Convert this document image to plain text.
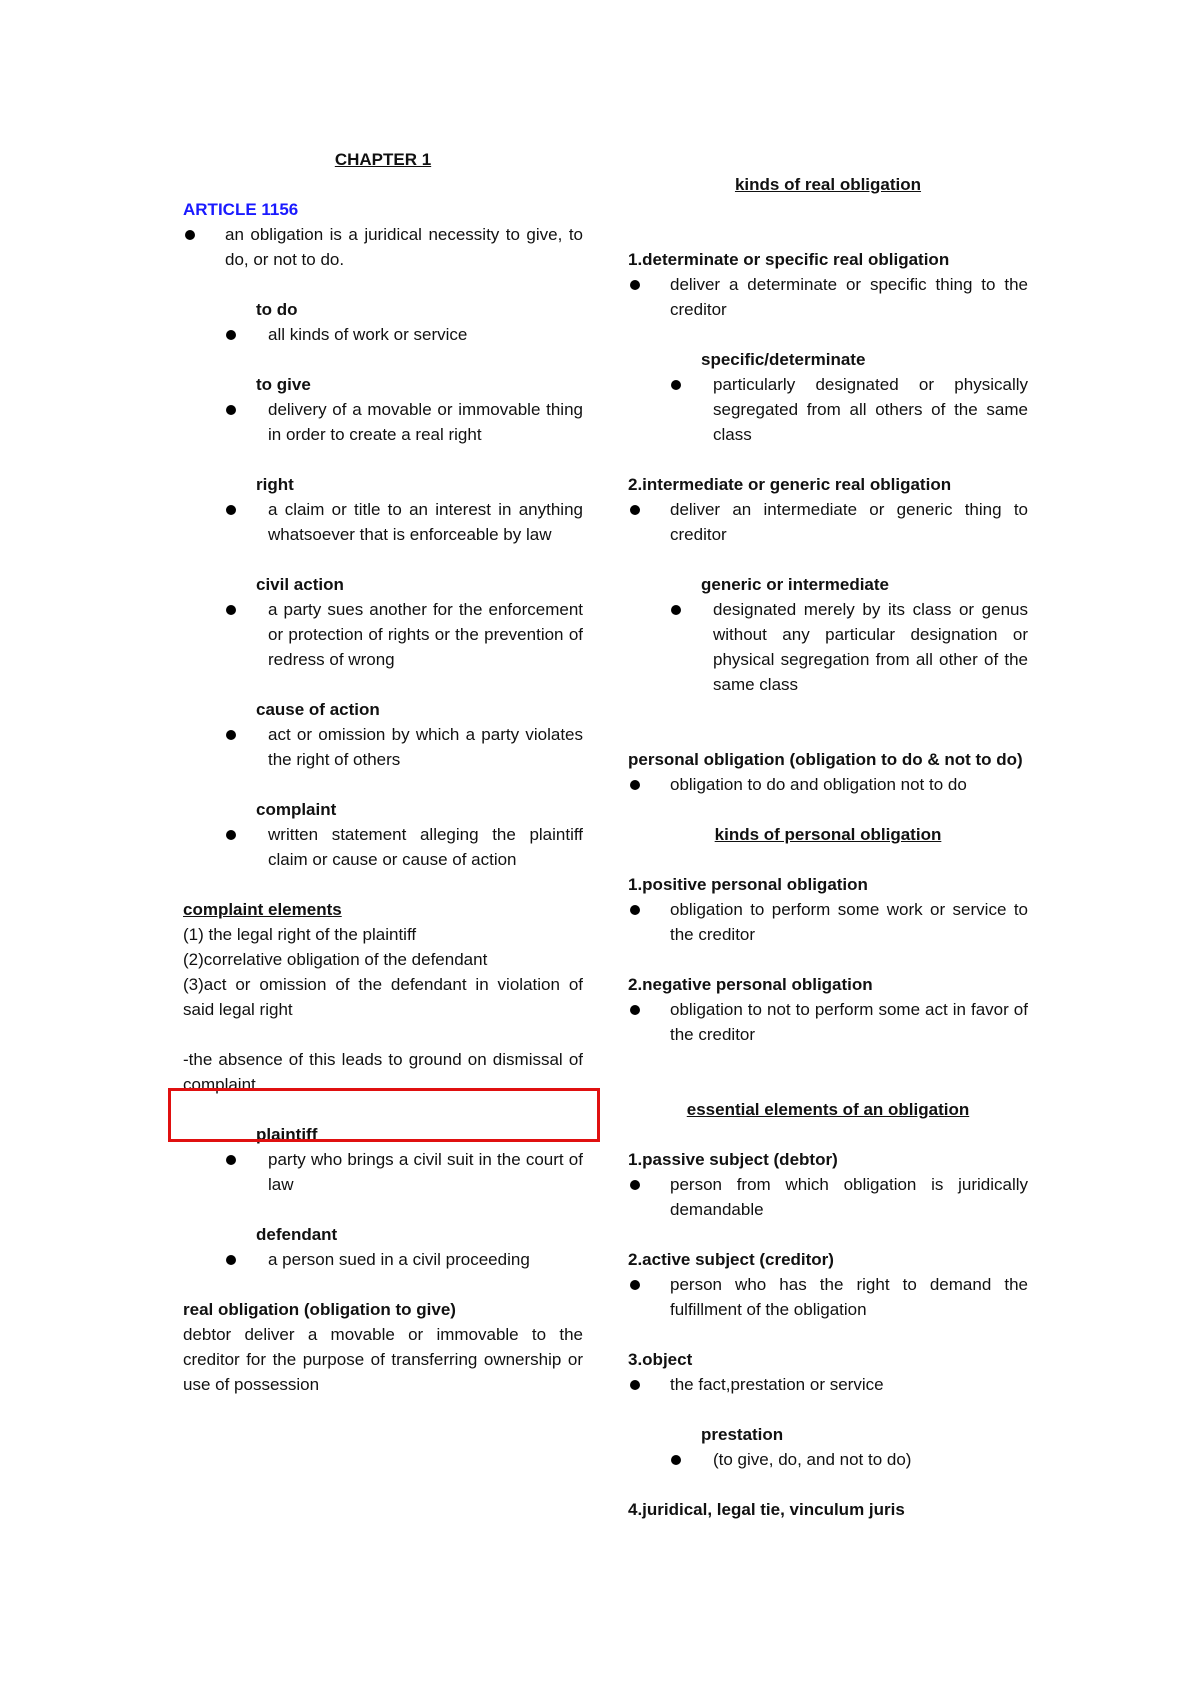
CHAPTER 1
ARTICLE 1156
an obligation is a juridical necessity to give, to do, or not to do.
to do
all kinds of work or service
to give
delivery of a movable or immovable thing in order to create a real right
right
a claim or title to an interest in anything whatsoever that is enforceable by law
civil action
a party sues another for the enforcement or protection of rights or the prevention of redress of wrong
cause of action
act or omission by which a party violates the right of others
complaint
written statement alleging the plaintiff claim or cause or cause of action
complaint elements
(1) the legal right of the plaintiff
(2)correlative obligation of the defendant
(3)act or omission of the defendant in violation of said legal right
-the absence of this leads to ground on dismissal of complaint.
plaintiff
party who brings a civil suit in the court of law
defendant
a person sued in a civil proceeding
real obligation (obligation to give)
debtor deliver a movable or immovable to the creditor for the purpose of transferring ownership or use of possession
kinds of real obligation
1.determinate or specific real obligation
deliver a determinate or specific thing to the creditor
specific/determinate
particularly designated or physically segregated from all others of the same class
2.intermediate or generic real obligation
deliver an intermediate or generic thing to creditor
generic or intermediate
designated merely by its class or genus without any particular designation or physical segregation from all other of the same class
personal obligation (obligation to do & not to do)
obligation to do and obligation not to do
kinds of personal obligation
1.positive personal obligation
obligation to perform some work or service to the creditor
2.negative personal obligation
obligation to not to perform some act in favor of the creditor
essential elements of an obligation
1.passive subject (debtor)
person from which obligation is juridically demandable
2.active subject (creditor)
person who has the right to demand the fulfillment of the obligation
3.object
the fact,prestation or service
prestation
(to give, do, and not to do)
4.juridical, legal tie, vinculum juris
